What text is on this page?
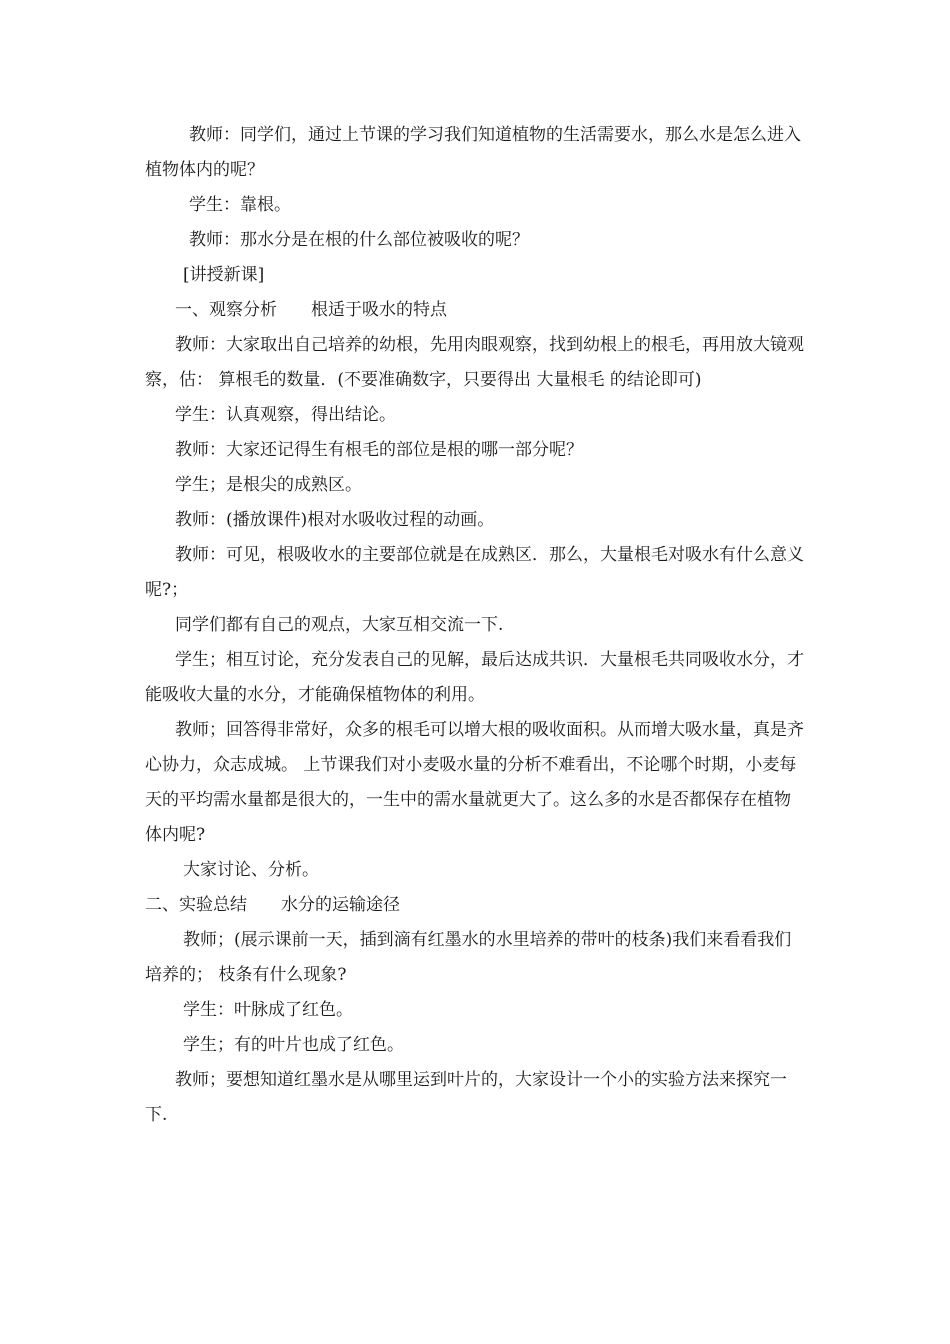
教师：同学们，通过上节课的学习我们知道植物的生活需要水，那么水是怎么进入植物体内的呢？

学生：靠根。

教师：那水分是在根的什么部位被吸收的呢？

[讲授新课]

一、观察分析　　根适于吸水的特点

教师：大家取出自己培养的幼根，先用肉眼观察，找到幼根上的根毛，再用放大镜观察，估： 算根毛的数量．(不要准确数字，只要得出 大量根毛 的结论即可)

学生：认真观察，得出结论。

教师：大家还记得生有根毛的部位是根的哪一部分呢？

学生；是根尖的成熟区。

教师：(播放课件)根对水吸收过程的动画。

教师：可见，根吸收水的主要部位就是在成熟区．那么，大量根毛对吸水有什么意义呢?；

同学们都有自己的观点，大家互相交流一下.

学生；相互讨论，充分发表自己的见解，最后达成共识．大量根毛共同吸收水分，才能吸收大量的水分，才能确保植物体的利用。

教师；回答得非常好，众多的根毛可以增大根的吸收面积。从而增大吸水量，真是齐心协力，众志成城。 上节课我们对小麦吸水量的分析不难看出，不论哪个时期，小麦每天的平均需水量都是很大的，一生中的需水量就更大了。这么多的水是否都保存在植物体内呢?

大家讨论、分析。

二、实验总结　　水分的运输途径

教师；(展示课前一天，插到滴有红墨水的水里培养的带叶的枝条)我们来看看我们培养的； 枝条有什么现象?

学生：叶脉成了红色。

学生；有的叶片也成了红色。

教师；要想知道红墨水是从哪里运到叶片的，大家设计一个小的实验方法来探究一下.
